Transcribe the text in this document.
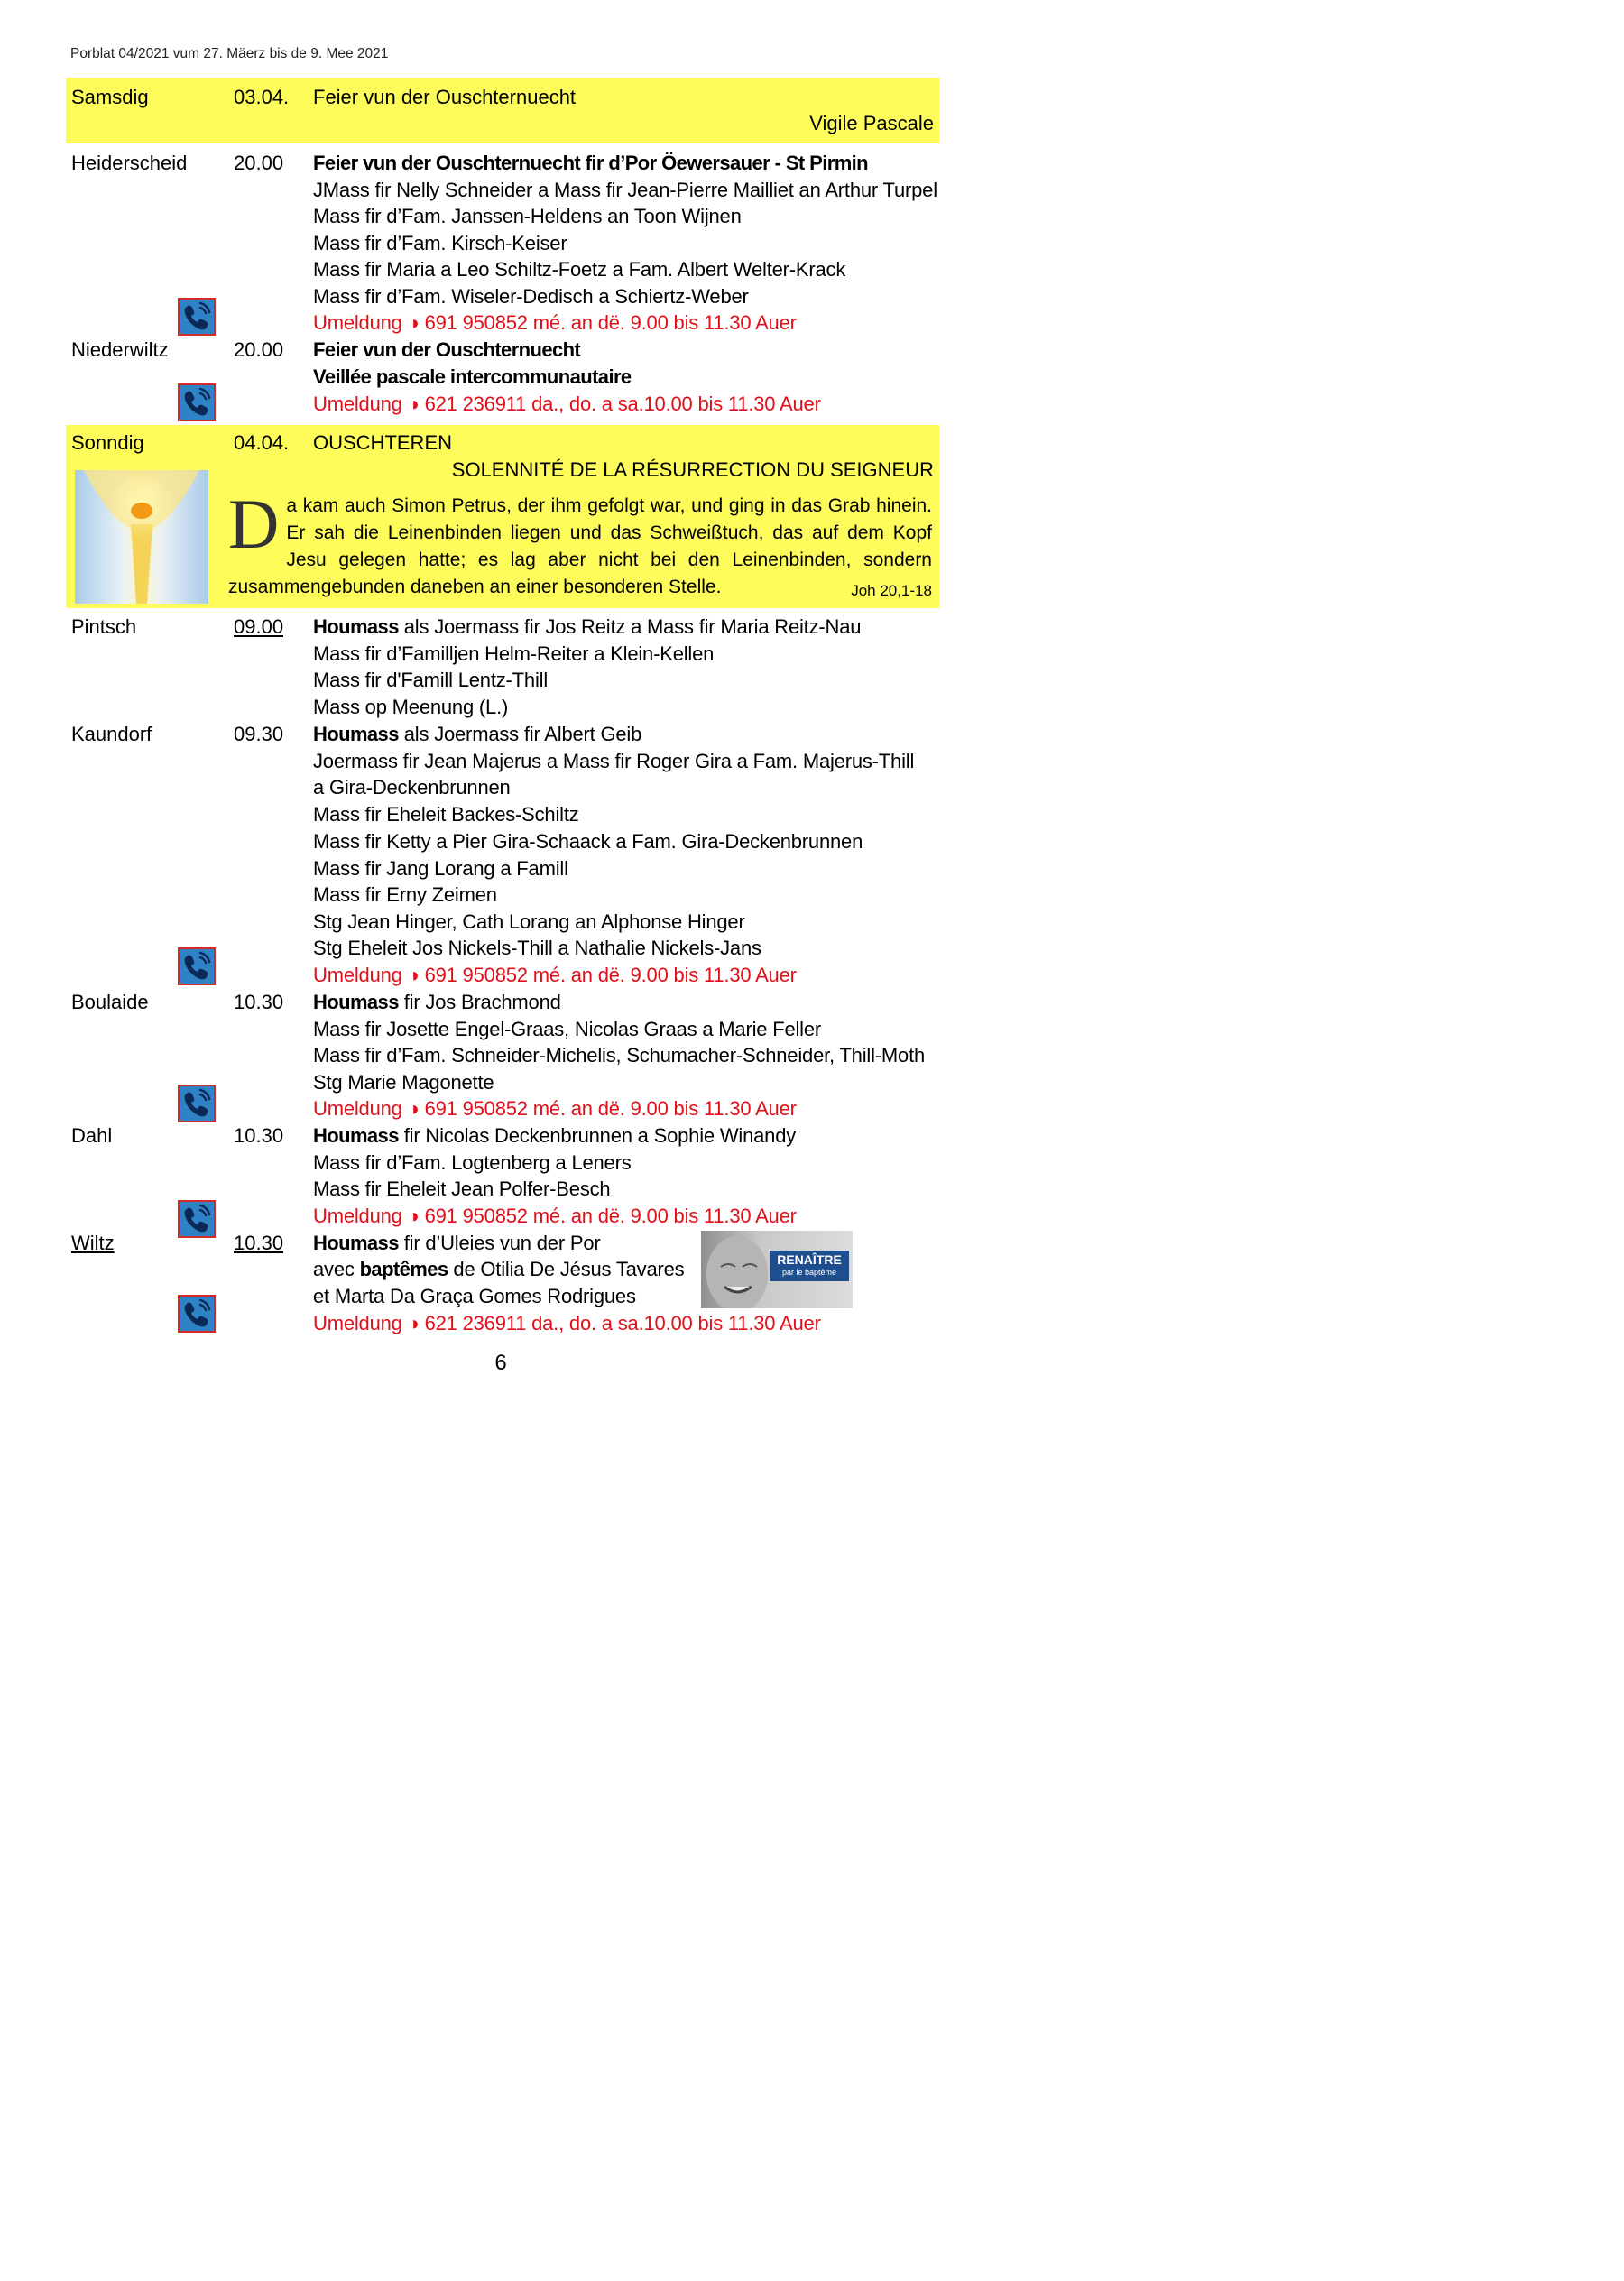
Porblat 04/2021 vum 27. Mäerz bis de 9. Mee 2021
Samsdig	03.04. Feier vun der Ouschternuecht
Vigile Pascale
Heiderscheid 20.00 Feier vun der Ouschternuecht fir d’Por Öewersauer - St Pirmin
JMass fir Nelly Schneider a Mass fir Jean-Pierre Mailliet an Arthur Turpel
Mass fir d’Fam. Janssen-Heldens an Toon Wijnen
Mass fir d’Fam. Kirsch-Keiser
Mass fir Maria a Leo Schiltz-Foetz a Fam. Albert Welter-Krack
Mass fir d’Fam. Wiseler-Dedisch a Schiertz-Weber
Umeldung ◑ 691 950852 mé. an dë. 9.00 bis 11.30 Auer
Niederwiltz	20.00 Feier vun der Ouschternuecht
Veillée pascale intercommunautaire
Umeldung ◑ 621 236911 da., do. a sa.10.00 bis 11.30 Auer
Sonndig	04.04. OUSCHTEREN
SOLENNITÉ DE LA RÉSURRECTION DU SEIGNEUR
Da kam auch Simon Petrus, der ihm gefolgt war, und ging in das Grab hinein. Er sah die Leinenbinden liegen und das Schweißtuch, das auf dem Kopf Jesu gelegen hatte; es lag aber nicht bei den Leinenbinden, sondern zusammengebunden daneben an einer besonderen Stelle.	Joh 20,1-18
Pintsch	09.00 Houmass als Joermass fir Jos Reitz a Mass fir Maria Reitz-Nau
Mass fir d’Familljen Helm-Reiter a Klein-Kellen
Mass fir d'Famill Lentz-Thill
Mass op Meenung (L.)
Kaundorf	09.30 Houmass als Joermass fir Albert Geib
Joermass fir Jean Majerus a Mass fir Roger Gira a Fam. Majerus-Thill
a Gira-Deckenbrunnen
Mass fir Eheleit Backes-Schiltz
Mass fir Ketty a Pier Gira-Schaack a Fam. Gira-Deckenbrunnen
Mass fir Jang Lorang a Famill
Mass fir Erny Zeimen
Stg Jean Hinger, Cath Lorang an Alphonse Hinger
Stg Eheleit Jos Nickels-Thill a Nathalie Nickels-Jans
Umeldung ◑ 691 950852 mé. an dë. 9.00 bis 11.30 Auer
Boulaide	10.30 Houmass fir Jos Brachmond
Mass fir Josette Engel-Graas, Nicolas Graas a Marie Feller
Mass fir d’Fam. Schneider-Michelis, Schumacher-Schneider, Thill-Moth
Stg Marie Magonette
Umeldung ◑ 691 950852 mé. an dë. 9.00 bis 11.30 Auer
Dahl	10.30 Houmass fir Nicolas Deckenbrunnen a Sophie Winandy
Mass fir d’Fam. Logtenberg a Leners
Mass fir Eheleit Jean Polfer-Besch
Umeldung ◑ 691 950852 mé. an dë. 9.00 bis 11.30 Auer
Wiltz	10.30 Houmass fir d’Uleies vun der Por
avec baptêmes de Otilia De Jésus Tavares
et Marta Da Graça Gomes Rodrigues
Umeldung ◑ 621 236911 da., do. a sa.10.00 bis 11.30 Auer
RENAÎTRE
par le baptême
6
